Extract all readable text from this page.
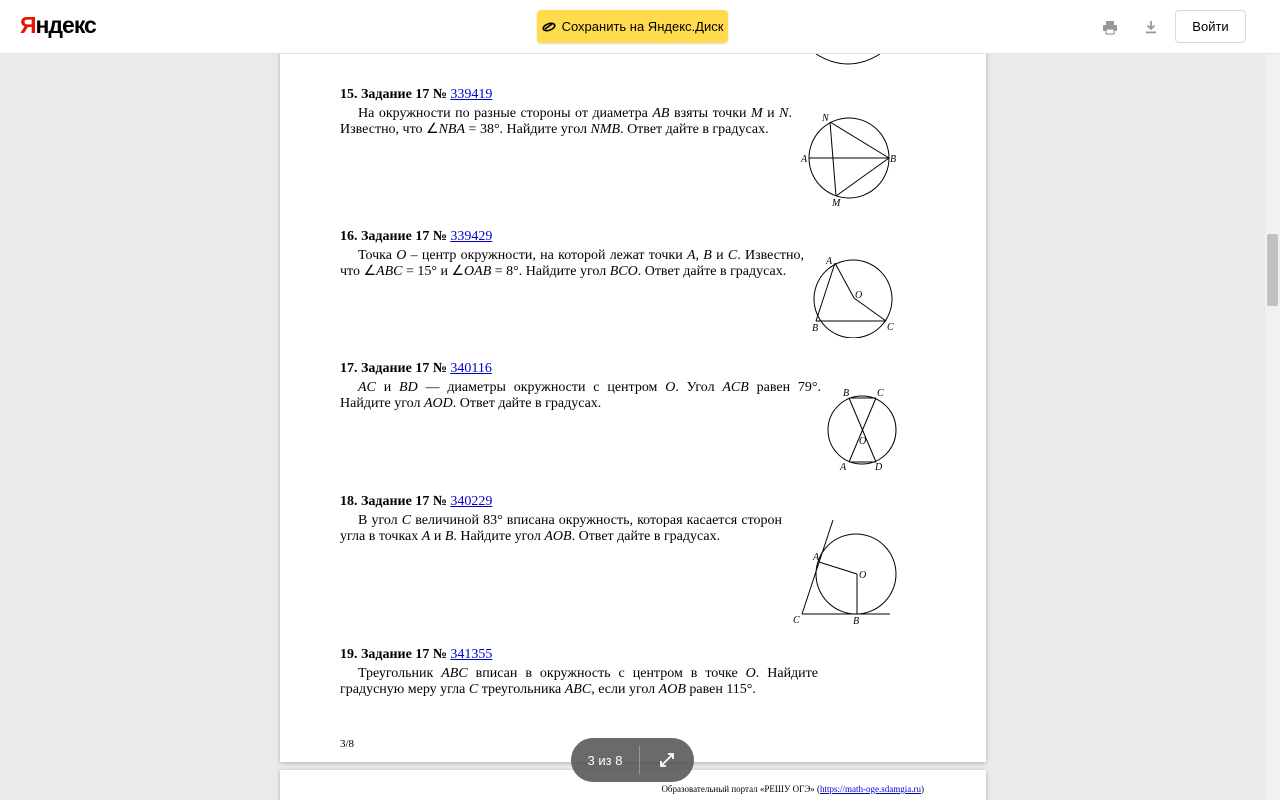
Яндекс	Сохранить на Яндекс.Диск	Войти
15. Задание 17 № 339419
На окружности по разные стороны от диаметра AB взяты точки M и N. Известно, что ∠NBA = 38°. Найдите угол NMB. Ответ дайте в градусах.
N
A	B
M
16. Задание 17 № 339429
Точка O – центр окружности, на которой лежат точки A, B и C. Известно, что ∠ABC = 15° и ∠OAB = 8°. Найдите угол BCO. Ответ дайте в градусах.
A
O
B	C
17. Задание 17 № 340116
AC и BD — диаметры окружности с центром O. Угол ACB равен 79°. Найдите угол AOD. Ответ дайте в градусах.
B	C
O
A	D
18. Задание 17 № 340229
В угол C величиной 83° вписана окружность, которая касается сторон угла в точках A и B. Найдите угол AOB. Ответ дайте в градусах.
A
O
C	B
19. Задание 17 № 341355
Треугольник ABC вписан в окружность с центром в точке O. Найдите градусную меру угла C треугольника ABC, если угол AOB равен 115°.
3/8
Образовательный портал «РЕШУ ОГЭ» (https://math-oge.sdamgia.ru)
3 из 8
